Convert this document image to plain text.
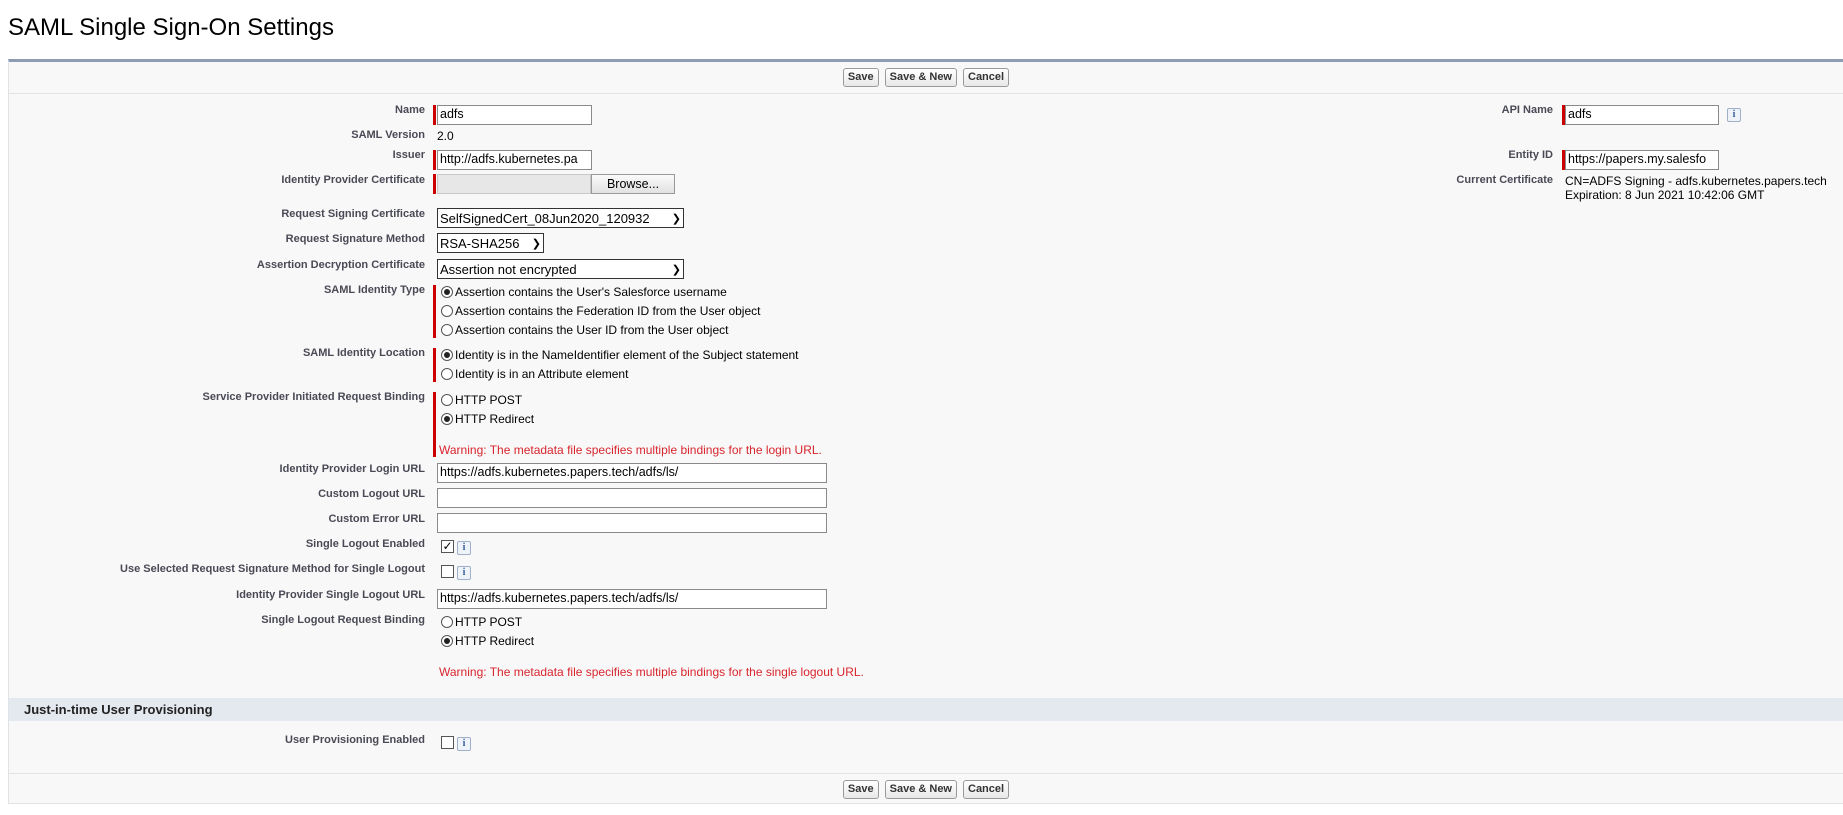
SAML Single Sign-On Settings
Save	Save & New	Cancel
Name adfs	API Name adfs	i
SAML Version 2.0
Issuer http://adfs.kubernetes.pa	Entity ID https://papers.my.salesfo
Identity Provider Certificate	Browse...	Current Certificate CN=ADFS Signing - adfs.kubernetes.papers.tech
Expiration: 8 Jun 2021 10:42:06 GMT
Request Signing Certificate SelfSignedCert_08Jun2020_120932 ❯
Request Signature Method RSA-SHA256 ❯
Assertion Decryption Certificate Assertion not encrypted	❯
SAML Identity Type	Assertion contains the User's Salesforce username
Assertion contains the Federation ID from the User object
Assertion contains the User ID from the User object
SAML Identity Location	Identity is in the NameIdentifier element of the Subject statement
Identity is in an Attribute element
Service Provider Initiated Request Binding	HTTP POST
HTTP Redirect
Warning: The metadata file specifies multiple bindings for the login URL.
Identity Provider Login URL https://adfs.kubernetes.papers.tech/adfs/ls/
Custom Logout URL
Custom Error URL
Single Logout Enabled ✓	i
Use Selected Request Signature Method for Single Logout	i
Identity Provider Single Logout URL https://adfs.kubernetes.papers.tech/adfs/ls/
Single Logout Request Binding	HTTP POST
HTTP Redirect
Warning: The metadata file specifies multiple bindings for the single logout URL.
Just-in-time User Provisioning
User Provisioning Enabled	i
Save	Save & New	Cancel
